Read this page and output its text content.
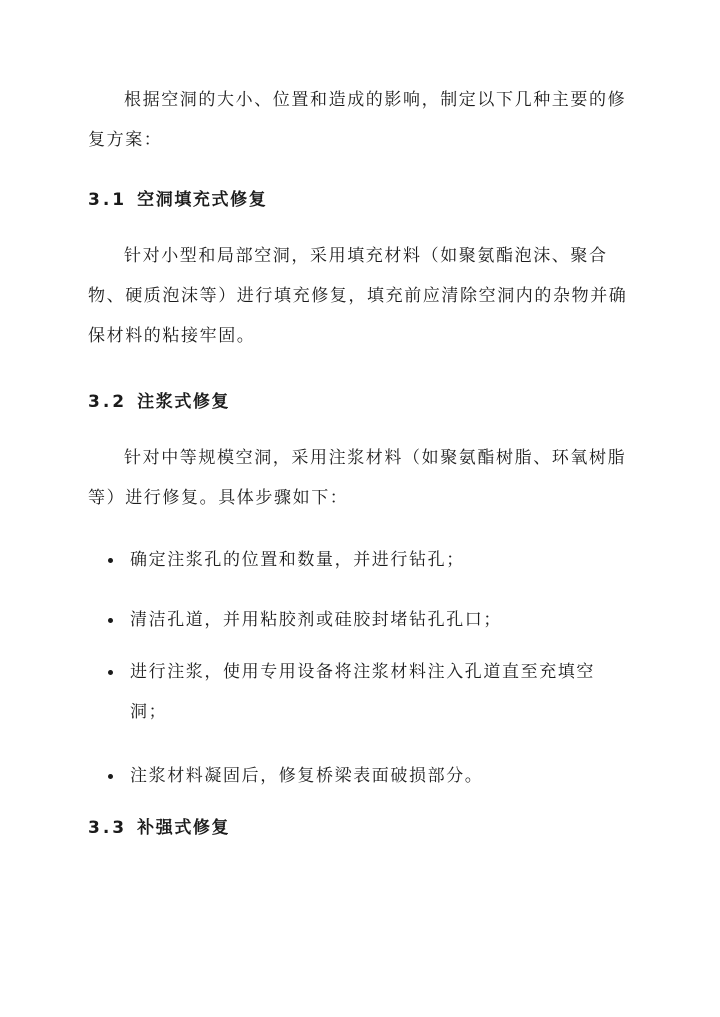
根据空洞的大小、位置和造成的影响，制定以下几种主要的修复方案：

3.1 空洞填充式修复

针对小型和局部空洞，采用填充材料（如聚氨酯泡沫、聚合物、硬质泡沫等）进行填充修复，填充前应清除空洞内的杂物并确保材料的粘接牢固。

3.2 注浆式修复

针对中等规模空洞，采用注浆材料（如聚氨酯树脂、环氧树脂等）进行修复。具体步骤如下：

确定注浆孔的位置和数量，并进行钻孔；
清洁孔道，并用粘胶剂或硅胶封堵钻孔孔口；
进行注浆，使用专用设备将注浆材料注入孔道直至充填空洞；
注浆材料凝固后，修复桥梁表面破损部分。

3.3 补强式修复
